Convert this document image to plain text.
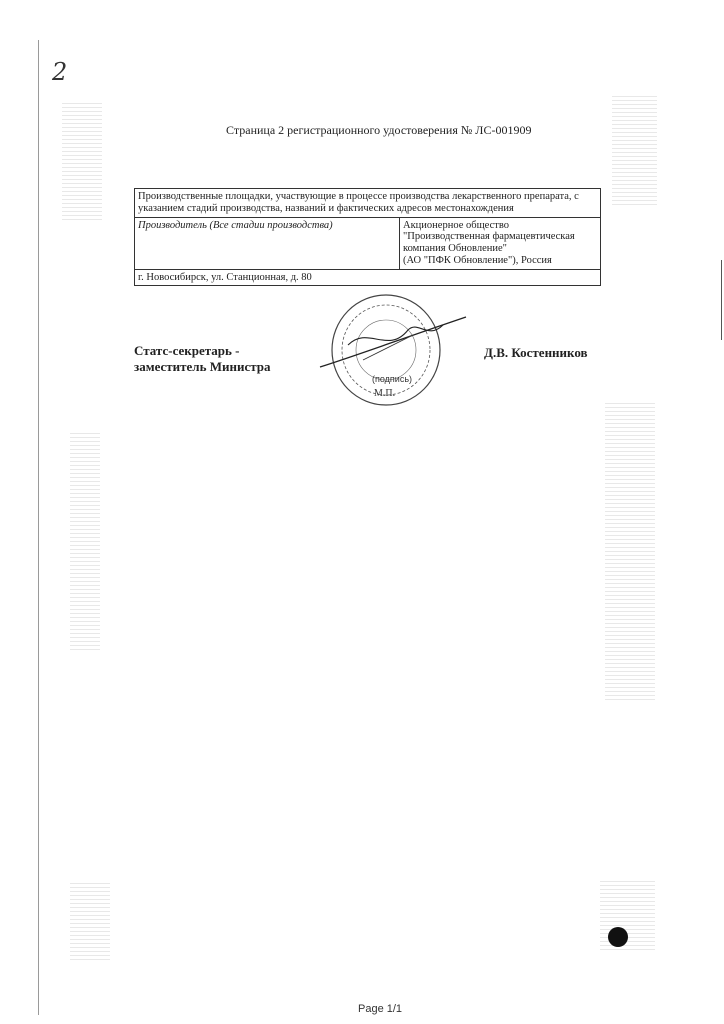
2
Страница 2 регистрационного удостоверения № ЛС-001909
Производственные площадки, участвующие в процессе производства лекарственного препарата, с указанием стадий производства, названий и фактических адресов местонахождения
Производитель (Все стадии производства)	Акционерное общество
"Производственная фармацевтическая компания Обновление"
(АО "ПФК Обновление"), Россия

г. Новосибирск, ул. Станционная, д. 80
(подпись)
М.П.
Статс-секретарь - заместитель Министра
Д.В. Костенников
Page 1/1
